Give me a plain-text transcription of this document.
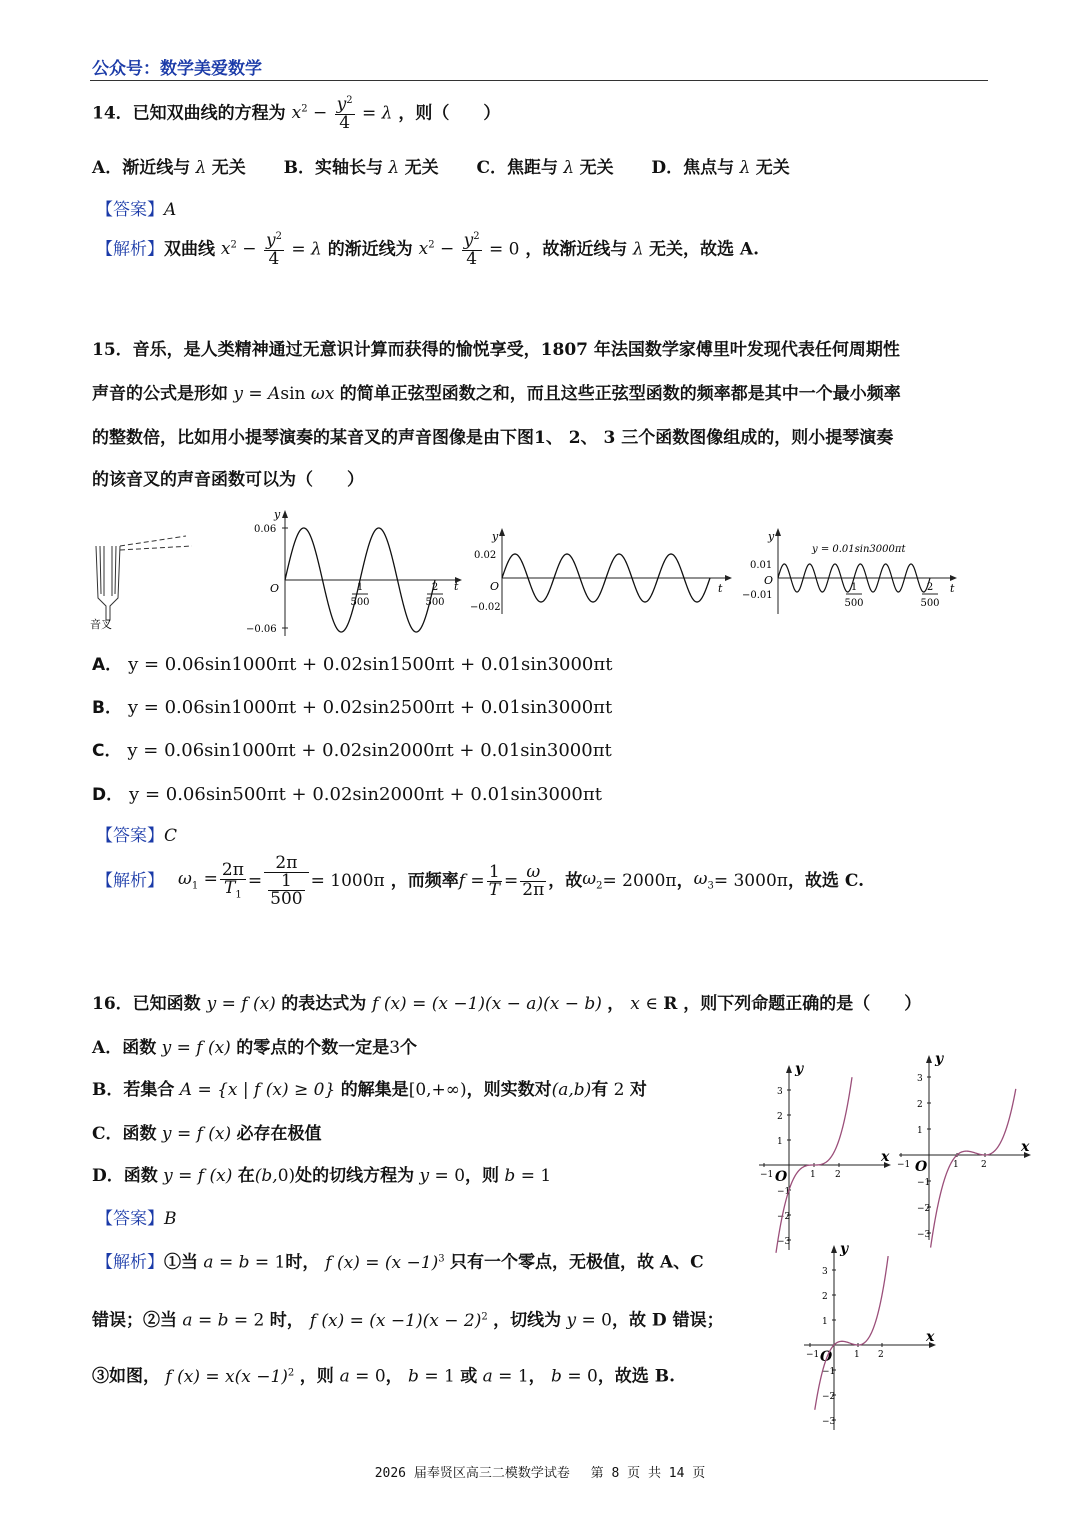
公众号：数学美爱数学
14．已知双曲线的方程为 $x^2 - \frac{y^2}{4} = \lambda$ ，则（　　）
A．渐近线与 λ 无关 B．实轴长与 λ 无关 C．焦距与 λ 无关 D．焦点与 λ 无关
【答案】A
【解析】双曲线 $x^2 - \frac{y^2}{4} = \lambda$ 的渐近线为 $x^2 - \frac{y^2}{4} = 0$ ，故渐近线与 λ 无关，故选 A.
15．音乐，是人类精神通过无意识计算而获得的愉悦享受，1807 年法国数学家傅里叶发现代表任何周期性
声音的公式是形如 y = Asin ωx 的简单正弦型函数之和，而且这些正弦型函数的频率都是其中一个最小频率
的整数倍，比如用小提琴演奏的某音叉的声音图像是由下图1、 2、 3 三个函数图像组成的，则小提琴演奏
的该音叉的声音函数可以为（　　）
音叉
y
t
O
0.06
−0.06
1
500
2
500
y
t
O
0.02
−0.02
y
t
O
0.01
−0.01
y = 0.01sin3000πt
1
500
2
500
A． y = 0.06sin1000πt + 0.02sin1500πt + 0.01sin3000πt
B． y = 0.06sin1000πt + 0.02sin2500πt + 0.01sin3000πt
C． y = 0.06sin1000πt + 0.02sin2000πt + 0.01sin3000πt
D． y = 0.06sin500πt + 0.02sin2000πt + 0.01sin3000πt
【答案】C
【解析】 $\omega_1 = \frac{2\pi}{T_1} = \frac{2\pi}{\frac{1}{500}} = 1000\pi$ ，而频率 $f = \frac{1}{T} = \frac{\omega}{2\pi}$ ，故 $\omega_2 = 2000\pi$ ， $\omega_3 = 3000\pi$ ，故选 C.
16．已知函数 y = f (x) 的表达式为 f (x) = (x −1)(x − a)(x − b) ， x ∈ R ，则下列命题正确的是（　　）
A．函数 y = f (x) 的零点的个数一定是3个
B．若集合 A = {x | f (x) ≥ 0} 的解集是[0,+∞)，则实数对(a,b)有 2 对
C．函数 y = f (x) 必存在极值
D．函数 y = f (x) 在(b,0)处的切线方程为 y = 0，则 b = 1
【答案】B
【解析】①当 a = b = 1时， f $(x) = (x -1)^3$ 只有一个零点，无极值，故 A、C
错误；②当 a = b = 2 时， f $(x) = (x -1)(x - 2)^2$ ，切线为 y = 0，故 D 错误；
③如图， f $(x) = x(x -1)^2$ ，则 a = 0， b = 1 或 a = 1， b = 0，故选 B.
x
y
O
3
2
1
−1
−2
−3
−1	1 2
x
y
O
3
2
1
−1
−2
−3
−1	1 2
x
y
O
3
2
1
−1
−2
−3
−1	1 2
2026 届奉贤区高三二模数学试卷　 第 8 页 共 14 页
